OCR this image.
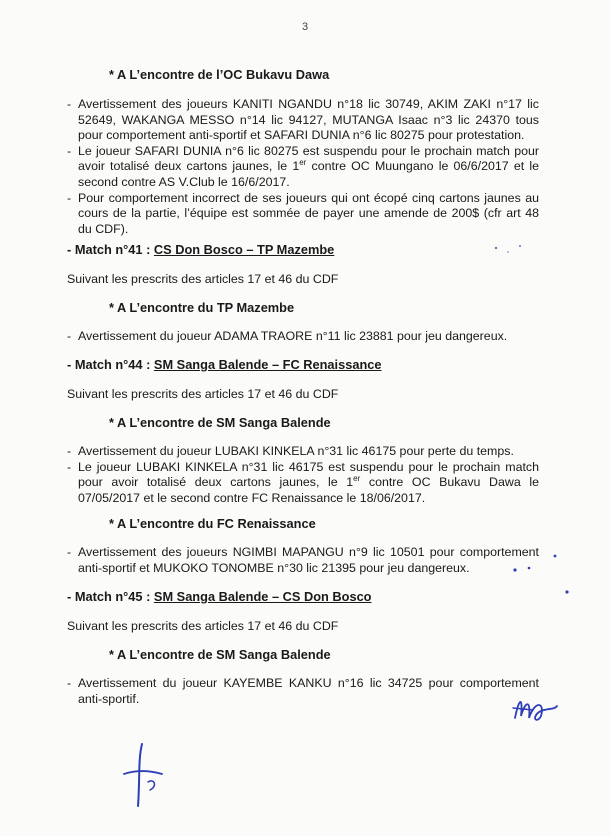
3
* A L’encontre de l’OC Bukavu Dawa
- Avertissement des joueurs KANITI NGANDU n°18 lic 30749, AKIM ZAKI n°17 lic 52649, WAKANGA MESSO n°14 lic 94127, MUTANGA Isaac n°3 lic 24370 tous pour comportement anti-sportif et SAFARI DUNIA n°6 lic 80275 pour protestation.
- Le joueur SAFARI DUNIA n°6 lic 80275 est suspendu pour le prochain match pour avoir totalisé deux cartons jaunes, le 1er contre OC Muungano le 06/6/2017 et le second contre AS V.Club le 16/6/2017.
- Pour comportement incorrect de ses joueurs qui ont écopé cinq cartons jaunes au cours de la partie, l’équipe est sommée de payer une amende de 200$ (cfr art 48 du CDF).
- Match n°41 : CS Don Bosco – TP Mazembe
Suivant les prescrits des articles 17 et 46 du CDF
* A L’encontre du TP Mazembe
- Avertissement du joueur ADAMA TRAORE n°11 lic 23881 pour jeu dangereux.
- Match n°44 : SM Sanga Balende – FC Renaissance
Suivant les prescrits des articles 17 et 46 du CDF
* A L’encontre de SM Sanga Balende
- Avertissement du joueur LUBAKI KINKELA n°31 lic 46175 pour perte du temps.
- Le joueur LUBAKI KINKELA n°31 lic 46175 est suspendu pour le prochain match pour avoir totalisé deux cartons jaunes, le 1er contre OC Bukavu Dawa le 07/05/2017 et le second contre FC Renaissance le 18/06/2017.
* A L’encontre du FC Renaissance
- Avertissement des joueurs NGIMBI MAPANGU n°9 lic 10501 pour comportement anti-sportif et MUKOKO TONOMBE n°30 lic 21395 pour jeu dangereux.
- Match n°45 : SM Sanga Balende – CS Don Bosco
Suivant les prescrits des articles 17 et 46 du CDF
* A L’encontre de SM Sanga Balende
- Avertissement du joueur KAYEMBE KANKU n°16 lic 34725 pour comportement anti-sportif.
